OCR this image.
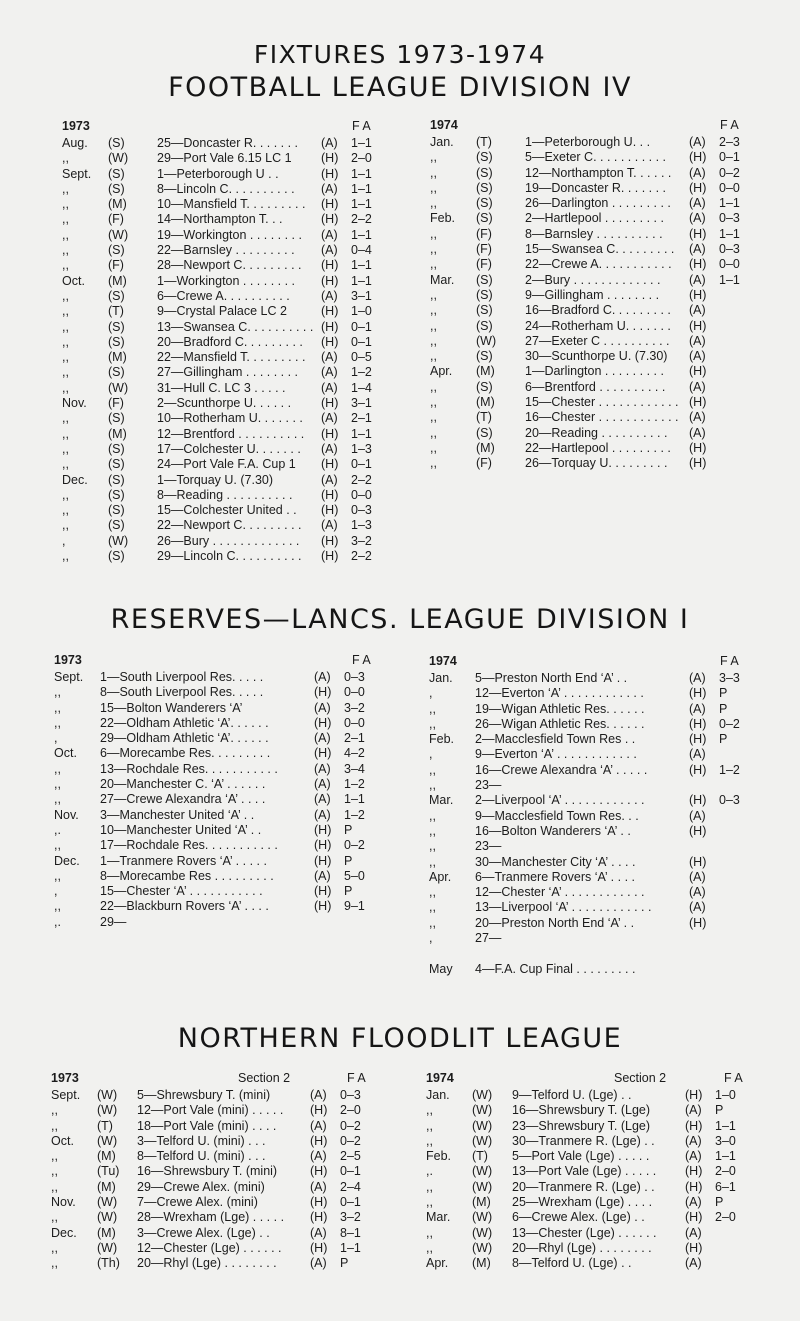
FIXTURES 1973-1974
FOOTBALL LEAGUE DIVISION IV
1973	F A
Aug. (S)	25—Doncaster R. . . . . . . (A) 1–1
,,	(W) 29—Port Vale 6.15 LC 1 (H) 2–0
Sept. (S)	1—Peterborough U . .	(H) 1–1
,,	(S)	8—Lincoln C. . . . . . . . . . (A) 1–1
,,	(M) 10—Mansfield T. . . . . . . . . (H) 1–1
,,	(F)	14—Northampton T. . .	(H) 2–2
,,	(W) 19—Workington . . . . . . . . (A) 1–1
,,	(S)	22—Barnsley . . . . . . . . . (A) 0–4
,,	(F)	28—Newport C. . . . . . . . . (H) 1–1
Oct. (M) 1—Workington . . . . . . . . (H) 1–1
,,	(S)	6—Crewe A. . . . . . . . . .	(A) 3–1
,,	(T)	9—Crystal Palace LC 2	(H) 1–0
,,	(S)	13—Swansea C. . . . . . . . . . (H) 0–1
,,	(S)	20—Bradford C. . . . . . . . . (H) 0–1
,,	(M) 22—Mansfield T. . . . . . . . . (A) 0–5
,,	(S)	27—Gillingham . . . . . . . . (A) 1–2
,,	(W) 31—Hull C. LC 3 . . . . .	(A) 1–4
Nov. (F)	2—Scunthorpe U. . . . . . (H) 3–1
,,	(S)	10—Rotherham U. . . . . . . (A) 2–1
,,	(M) 12—Brentford . . . . . . . . . . (H) 1–1
,,	(S)	17—Colchester U. . . . . . . (A) 1–3
,,	(S)	24—Port Vale F.A. Cup 1 (H) 0–1
Dec. (S)	1—Torquay U. (7.30)	(A) 2–2
,,	(S)	8—Reading . . . . . . . . . . (H) 0–0
,,	(S)	15—Colchester United . . (H) 0–3
,,	(S)	22—Newport C. . . . . . . . . (A) 1–3
,	(W) 26—Bury . . . . . . . . . . . . . (H) 3–2
,,	(S)	29—Lincoln C. . . . . . . . . . (H) 2–2
1974	F A
Jan. (T)	1—Peterborough U. . .	(A) 2–3
,,	(S)	5—Exeter C. . . . . . . . . . . (H) 0–1
,,	(S)	12—Northampton T. . . . . . (A) 0–2
,,	(S)	19—Doncaster R. . . . . . . (H) 0–0
,,	(S)	26—Darlington . . . . . . . . . (A) 1–1
Feb. (S)	2—Hartlepool . . . . . . . . . (A) 0–3
,,	(F)	8—Barnsley . . . . . . . . . . (H) 1–1
,,	(F)	15—Swansea C. . . . . . . . . (A) 0–3
,,	(F)	22—Crewe A. . . . . . . . . . . (H) 0–0
Mar. (S)	2—Bury . . . . . . . . . . . . . (A) 1–1
,,	(S)	9—Gillingham . . . . . . . . (H)
,,	(S)	16—Bradford C. . . . . . . . . (A)
,,	(S)	24—Rotherham U. . . . . . . (H)
,,	(W) 27—Exeter C . . . . . . . . . . (A)
,,	(S)	30—Scunthorpe U. (7.30) (A)
Apr. (M) 1—Darlington . . . . . . . . . (H)
,,	(S)	6—Brentford . . . . . . . . . . (A)
,,	(M) 15—Chester . . . . . . . . . . . . (H)
,,	(T)	16—Chester . . . . . . . . . . . . (A)
,,	(S)	20—Reading . . . . . . . . . . (A)
,,	(M) 22—Hartlepool . . . . . . . . . (H)
,,	(F)	26—Torquay U. . . . . . . . . (H)
RESERVES—LANCS. LEAGUE DIVISION I
1973	F A
Sept. 1—South Liverpool Res. . . . .	(A) 0–3
,,	8—South Liverpool Res. . . . .	(H) 0–0
,,	15—Bolton Wanderers ‘A’	(A) 3–2
,,	22—Oldham Athletic ‘A’. . . . . .	(H) 0–0
,	29—Oldham Athletic ‘A’. . . . . .	(A) 2–1
Oct. 6—Morecambe Res. . . . . . . . .	(H) 4–2
,,	13—Rochdale Res. . . . . . . . . . .	(A) 3–4
,,	20—Manchester C. ‘A’ . . . . . .	(A) 1–2
,,	27—Crewe Alexandra ‘A’ . . . .	(A) 1–1
Nov. 3—Manchester United ‘A’ . .	(A) 1–2
,.	10—Manchester United ‘A’ . .	(H) P
,,	17—Rochdale Res. . . . . . . . . . .	(H) 0–2
Dec. 1—Tranmere Rovers ‘A’ . . . . .	(H) P
,,	8—Morecambe Res . . . . . . . . .	(A) 5–0
,	15—Chester ‘A’ . . . . . . . . . . .	(H) P
,,	22—Blackburn Rovers ‘A’ . . . .	(H) 9–1
,.	29—
1974	F A
Jan. 5—Preston North End ‘A’ . .	(A) 3–3
,	12—Everton ‘A’ . . . . . . . . . . . .	(H) P
,,	19—Wigan Athletic Res. . . . . .	(A) P
,,	26—Wigan Athletic Res. . . . . .	(H) 0–2
Feb. 2—Macclesfield Town Res . .	(H) P
,	9—Everton ‘A’ . . . . . . . . . . . .	(A)
,,	16—Crewe Alexandra ‘A’ . . . . .	(H) 1–2
,,	23—
Mar. 2—Liverpool ‘A’ . . . . . . . . . . . .	(H) 0–3
,,	9—Macclesfield Town Res. . .	(A)
,,	16—Bolton Wanderers ‘A’ . .	(H)
,,	23—
,,	30—Manchester City ‘A’ . . . .	(H)
Apr. 6—Tranmere Rovers ‘A’ . . . .	(A)
,,	12—Chester ‘A’ . . . . . . . . . . . .	(A)
,,	13—Liverpool ‘A’ . . . . . . . . . . . .	(A)
,,	20—Preston North End ‘A’ . .	(H)
,	27—
May 4—F.A. Cup Final . . . . . . . . .
NORTHERN FLOODLIT LEAGUE
1973	Section 2	F A
Sept. (W) 5—Shrewsbury T. (mini)	(A) 0–3
,,	(W) 12—Port Vale (mini) . . . . . (H) 2–0
,,	(T) 18—Port Vale (mini) . . . .	(A) 0–2
Oct. (W) 3—Telford U. (mini) . . .	(H) 0–2
,,	(M) 8—Telford U. (mini) . . .	(A) 2–5
,,	(Tu) 16—Shrewsbury T. (mini)	(H) 0–1
,,	(M) 29—Crewe Alex. (mini)	(A) 2–4
Nov. (W) 7—Crewe Alex. (mini)	(H) 0–1
,,	(W) 28—Wrexham (Lge) . . . . . (H) 3–2
Dec. (M) 3—Crewe Alex. (Lge) . .	(A) 8–1
,,	(W) 12—Chester (Lge) . . . . . . (H) 1–1
,,	(Th) 20—Rhyl (Lge) . . . . . . . .	(A) P
1974	Section 2	F A
Jan. (W) 9—Telford U. (Lge) . .	(H) 1–0
,,	(W) 16—Shrewsbury T. (Lge)	(A) P
,,	(W) 23—Shrewsbury T. (Lge)	(H) 1–1
,,	(W) 30—Tranmere R. (Lge) . . (A) 3–0
Feb. (T) 5—Port Vale (Lge) . . . . .	(A) 1–1
,.	(W) 13—Port Vale (Lge) . . . . . (H) 2–0
,,	(W) 20—Tranmere R. (Lge) . . (H) 6–1
,,	(M) 25—Wrexham (Lge) . . . .	(A) P
Mar. (W) 6—Crewe Alex. (Lge) . .	(H) 2–0
,,	(W) 13—Chester (Lge) . . . . . . (A)
,,	(W) 20—Rhyl (Lge) . . . . . . . .	(H)
Apr. (M) 8—Telford U. (Lge) . .	(A)
